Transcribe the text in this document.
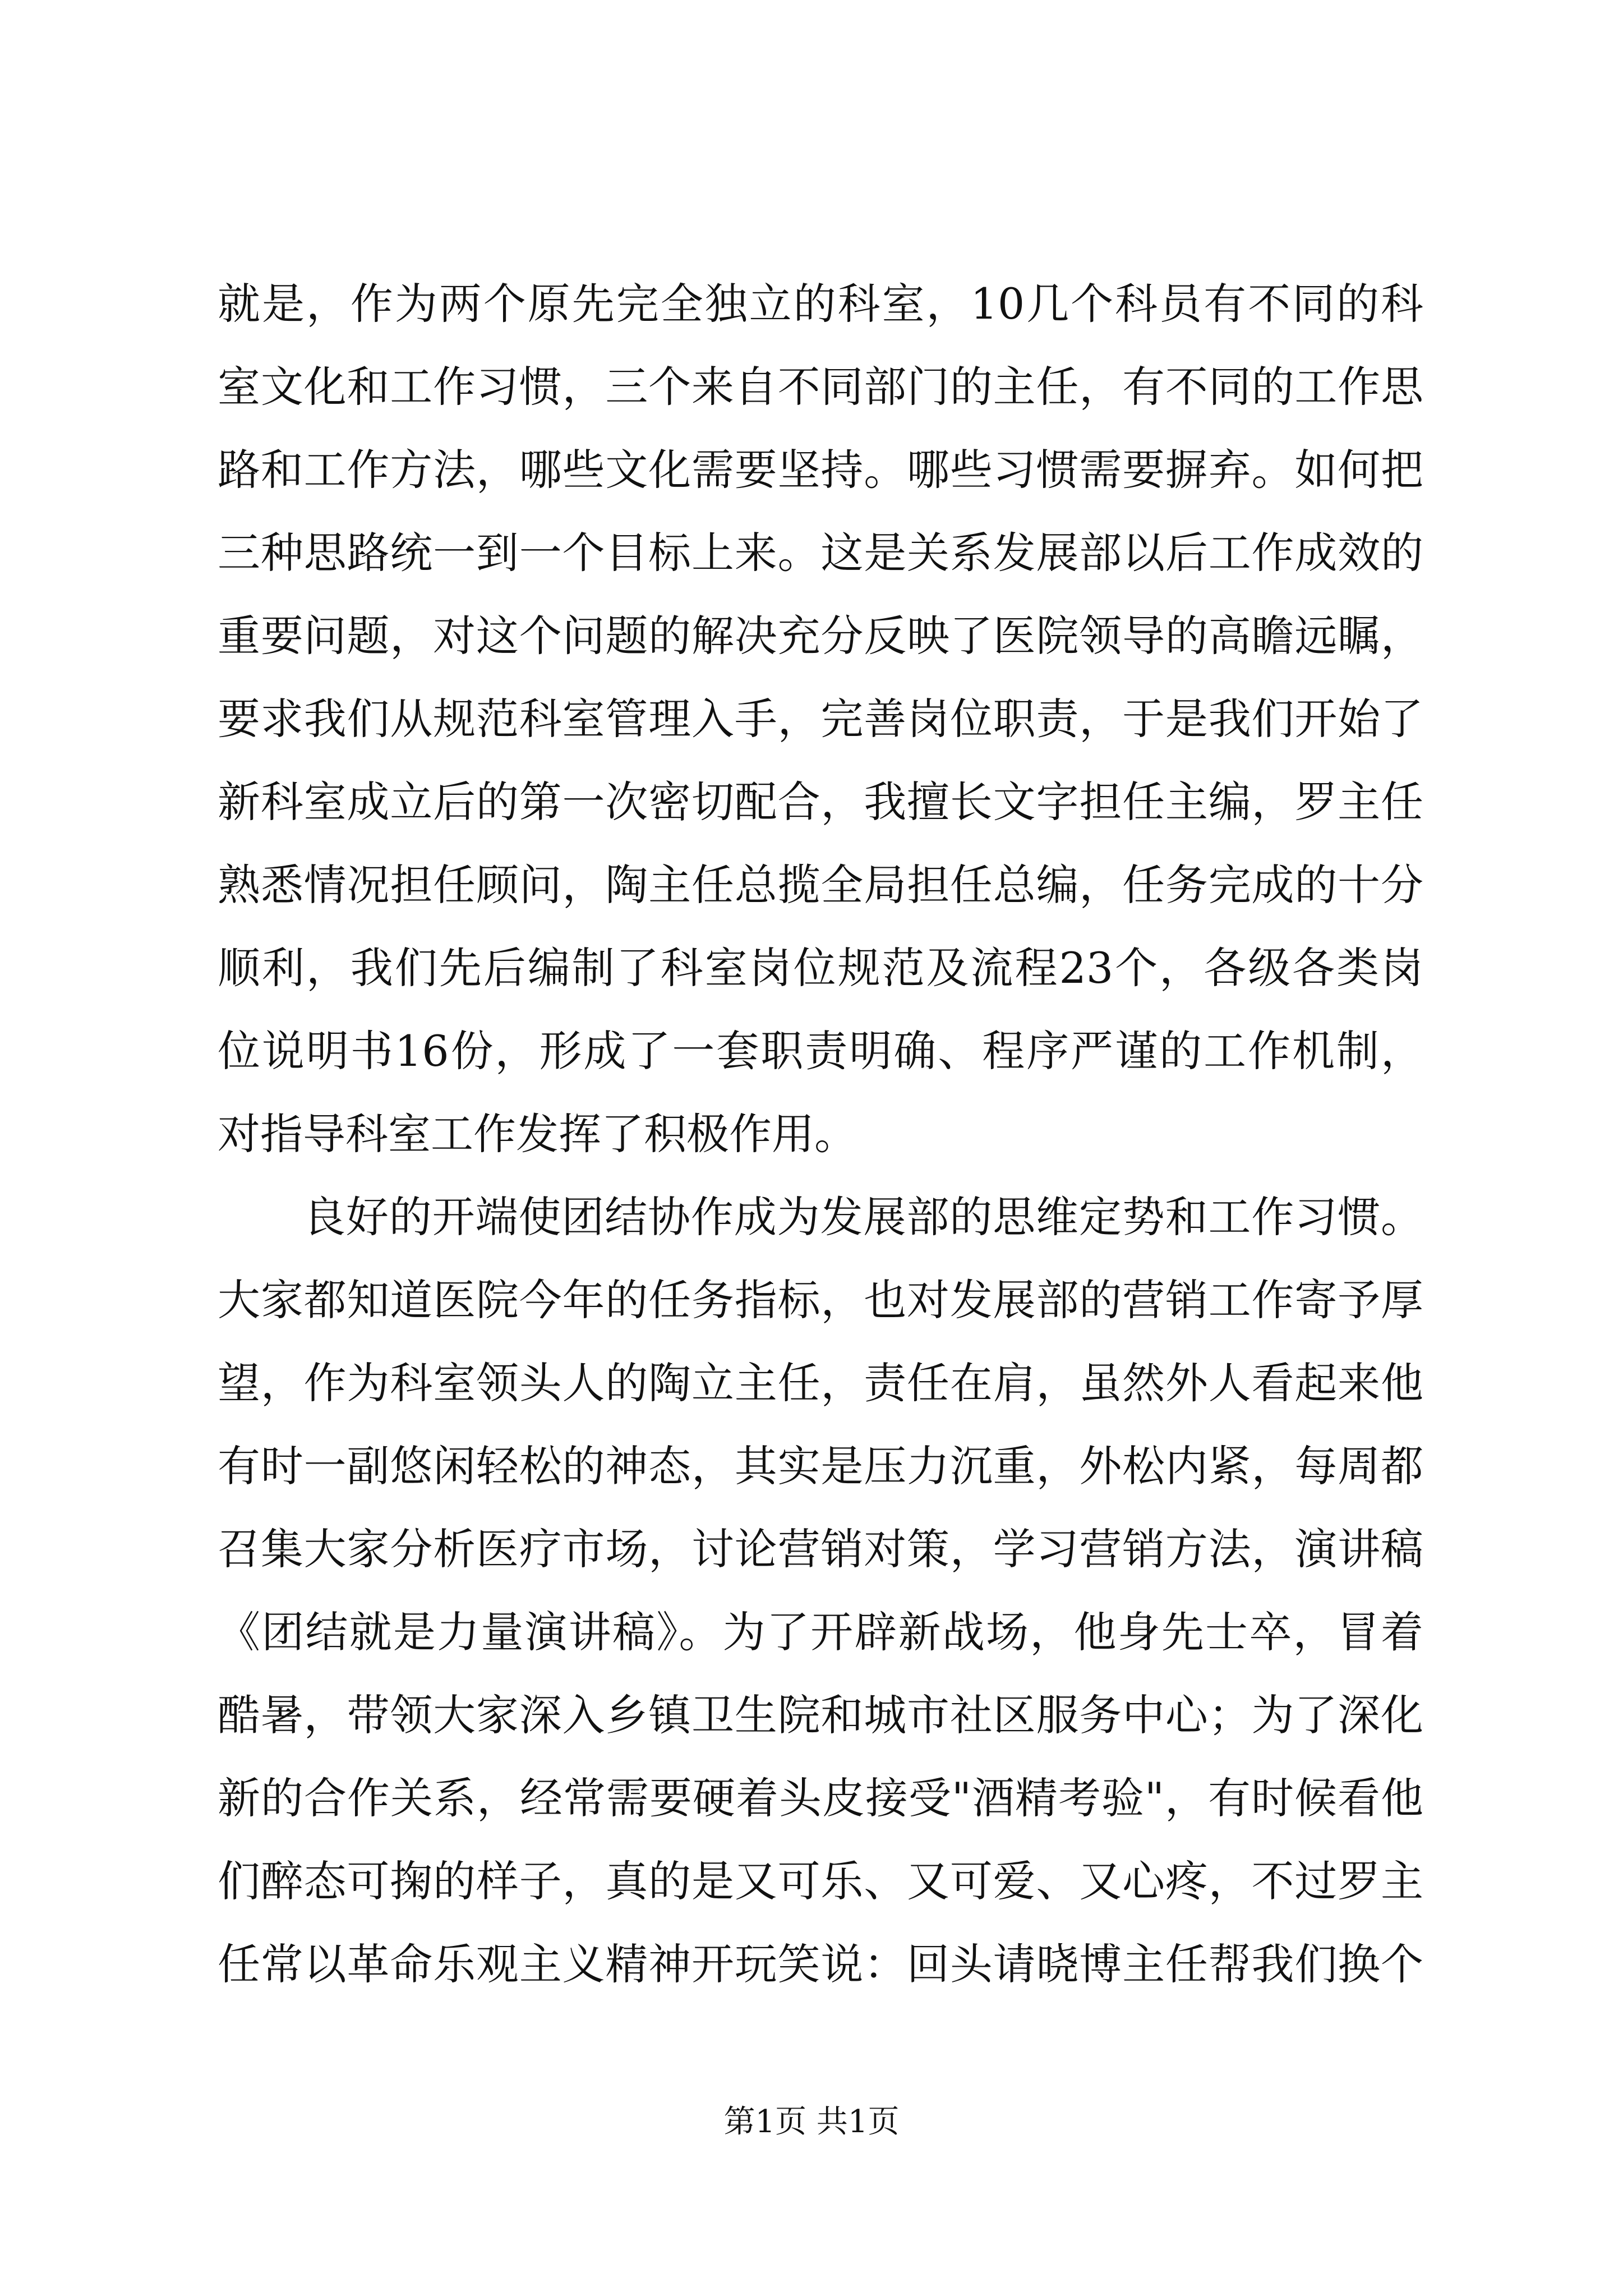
就是，作为两个原先完全独立的科室，10几个科员有不同的科
室文化和工作习惯，三个来自不同部门的主任，有不同的工作思
路和工作方法，哪些文化需要坚持。哪些习惯需要摒弃。如何把
三种思路统一到一个目标上来。这是关系发展部以后工作成效的
重要问题，对这个问题的解决充分反映了医院领导的高瞻远瞩，
要求我们从规范科室管理入手，完善岗位职责，于是我们开始了
新科室成立后的第一次密切配合，我擅长文字担任主编，罗主任
熟悉情况担任顾问，陶主任总揽全局担任总编，任务完成的十分
顺利，我们先后编制了科室岗位规范及流程23个，各级各类岗
位说明书16份，形成了一套职责明确、程序严谨的工作机制，
对指导科室工作发挥了积极作用。
良好的开端使团结协作成为发展部的思维定势和工作习惯。
大家都知道医院今年的任务指标，也对发展部的营销工作寄予厚
望，作为科室领头人的陶立主任，责任在肩，虽然外人看起来他
有时一副悠闲轻松的神态，其实是压力沉重，外松内紧，每周都
召集大家分析医疗市场，讨论营销对策，学习营销方法，演讲稿
《团结就是力量演讲稿》。为了开辟新战场，他身先士卒，冒着
酷暑，带领大家深入乡镇卫生院和城市社区服务中心；为了深化
新的合作关系，经常需要硬着头皮接受"酒精考验"，有时候看他
们醉态可掬的样子，真的是又可乐、又可爱、又心疼，不过罗主
任常以革命乐观主义精神开玩笑说：回头请晓博主任帮我们换个
第1页 共1页
